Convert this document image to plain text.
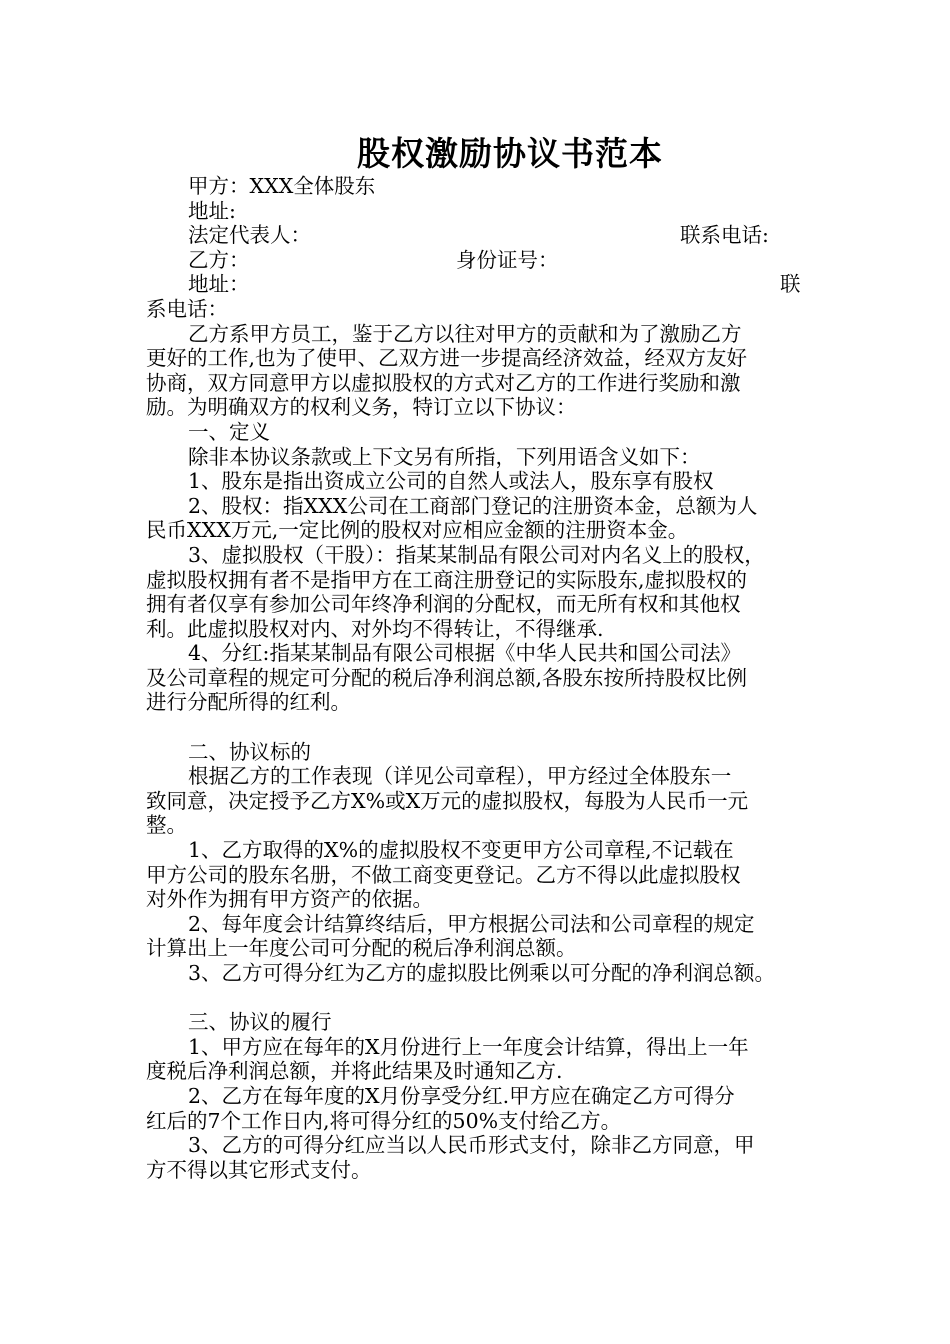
股权激励协议书范本
甲方：XXX全体股东
地址:
法定代表人：	联系电话:
乙方：	身份证号：
地址：	联
系电话：
乙方系甲方员工，鉴于乙方以往对甲方的贡献和为了激励乙方
更好的工作,也为了使甲、乙双方进一步提高经济效益，经双方友好
协商，双方同意甲方以虚拟股权的方式对乙方的工作进行奖励和激
励。为明确双方的权利义务，特订立以下协议：
一、定义
除非本协议条款或上下文另有所指，下列用语含义如下：
1、股东是指出资成立公司的自然人或法人，股东享有股权
2、股权：指XXX公司在工商部门登记的注册资本金，总额为人
民币XXX万元,一定比例的股权对应相应金额的注册资本金。
3、虚拟股权（干股）：指某某制品有限公司对内名义上的股权，
虚拟股权拥有者不是指甲方在工商注册登记的实际股东,虚拟股权的
拥有者仅享有参加公司年终净利润的分配权，而无所有权和其他权
利。此虚拟股权对内、对外均不得转让，不得继承.
4、分红:指某某制品有限公司根据《中华人民共和国公司法》
及公司章程的规定可分配的税后净利润总额,各股东按所持股权比例
进行分配所得的红利。
二、协议标的
根据乙方的工作表现（详见公司章程），甲方经过全体股东一
致同意，决定授予乙方X%或X万元的虚拟股权，每股为人民币一元
整。
1、乙方取得的X%的虚拟股权不变更甲方公司章程,不记载在
甲方公司的股东名册，不做工商变更登记。乙方不得以此虚拟股权
对外作为拥有甲方资产的依据。
2、每年度会计结算终结后，甲方根据公司法和公司章程的规定
计算出上一年度公司可分配的税后净利润总额。
3、乙方可得分红为乙方的虚拟股比例乘以可分配的净利润总额。
三、协议的履行
1、甲方应在每年的X月份进行上一年度会计结算，得出上一年
度税后净利润总额，并将此结果及时通知乙方.
2、乙方在每年度的X月份享受分红.甲方应在确定乙方可得分
红后的7个工作日内,将可得分红的50%支付给乙方。
3、乙方的可得分红应当以人民币形式支付，除非乙方同意，甲
方不得以其它形式支付。
